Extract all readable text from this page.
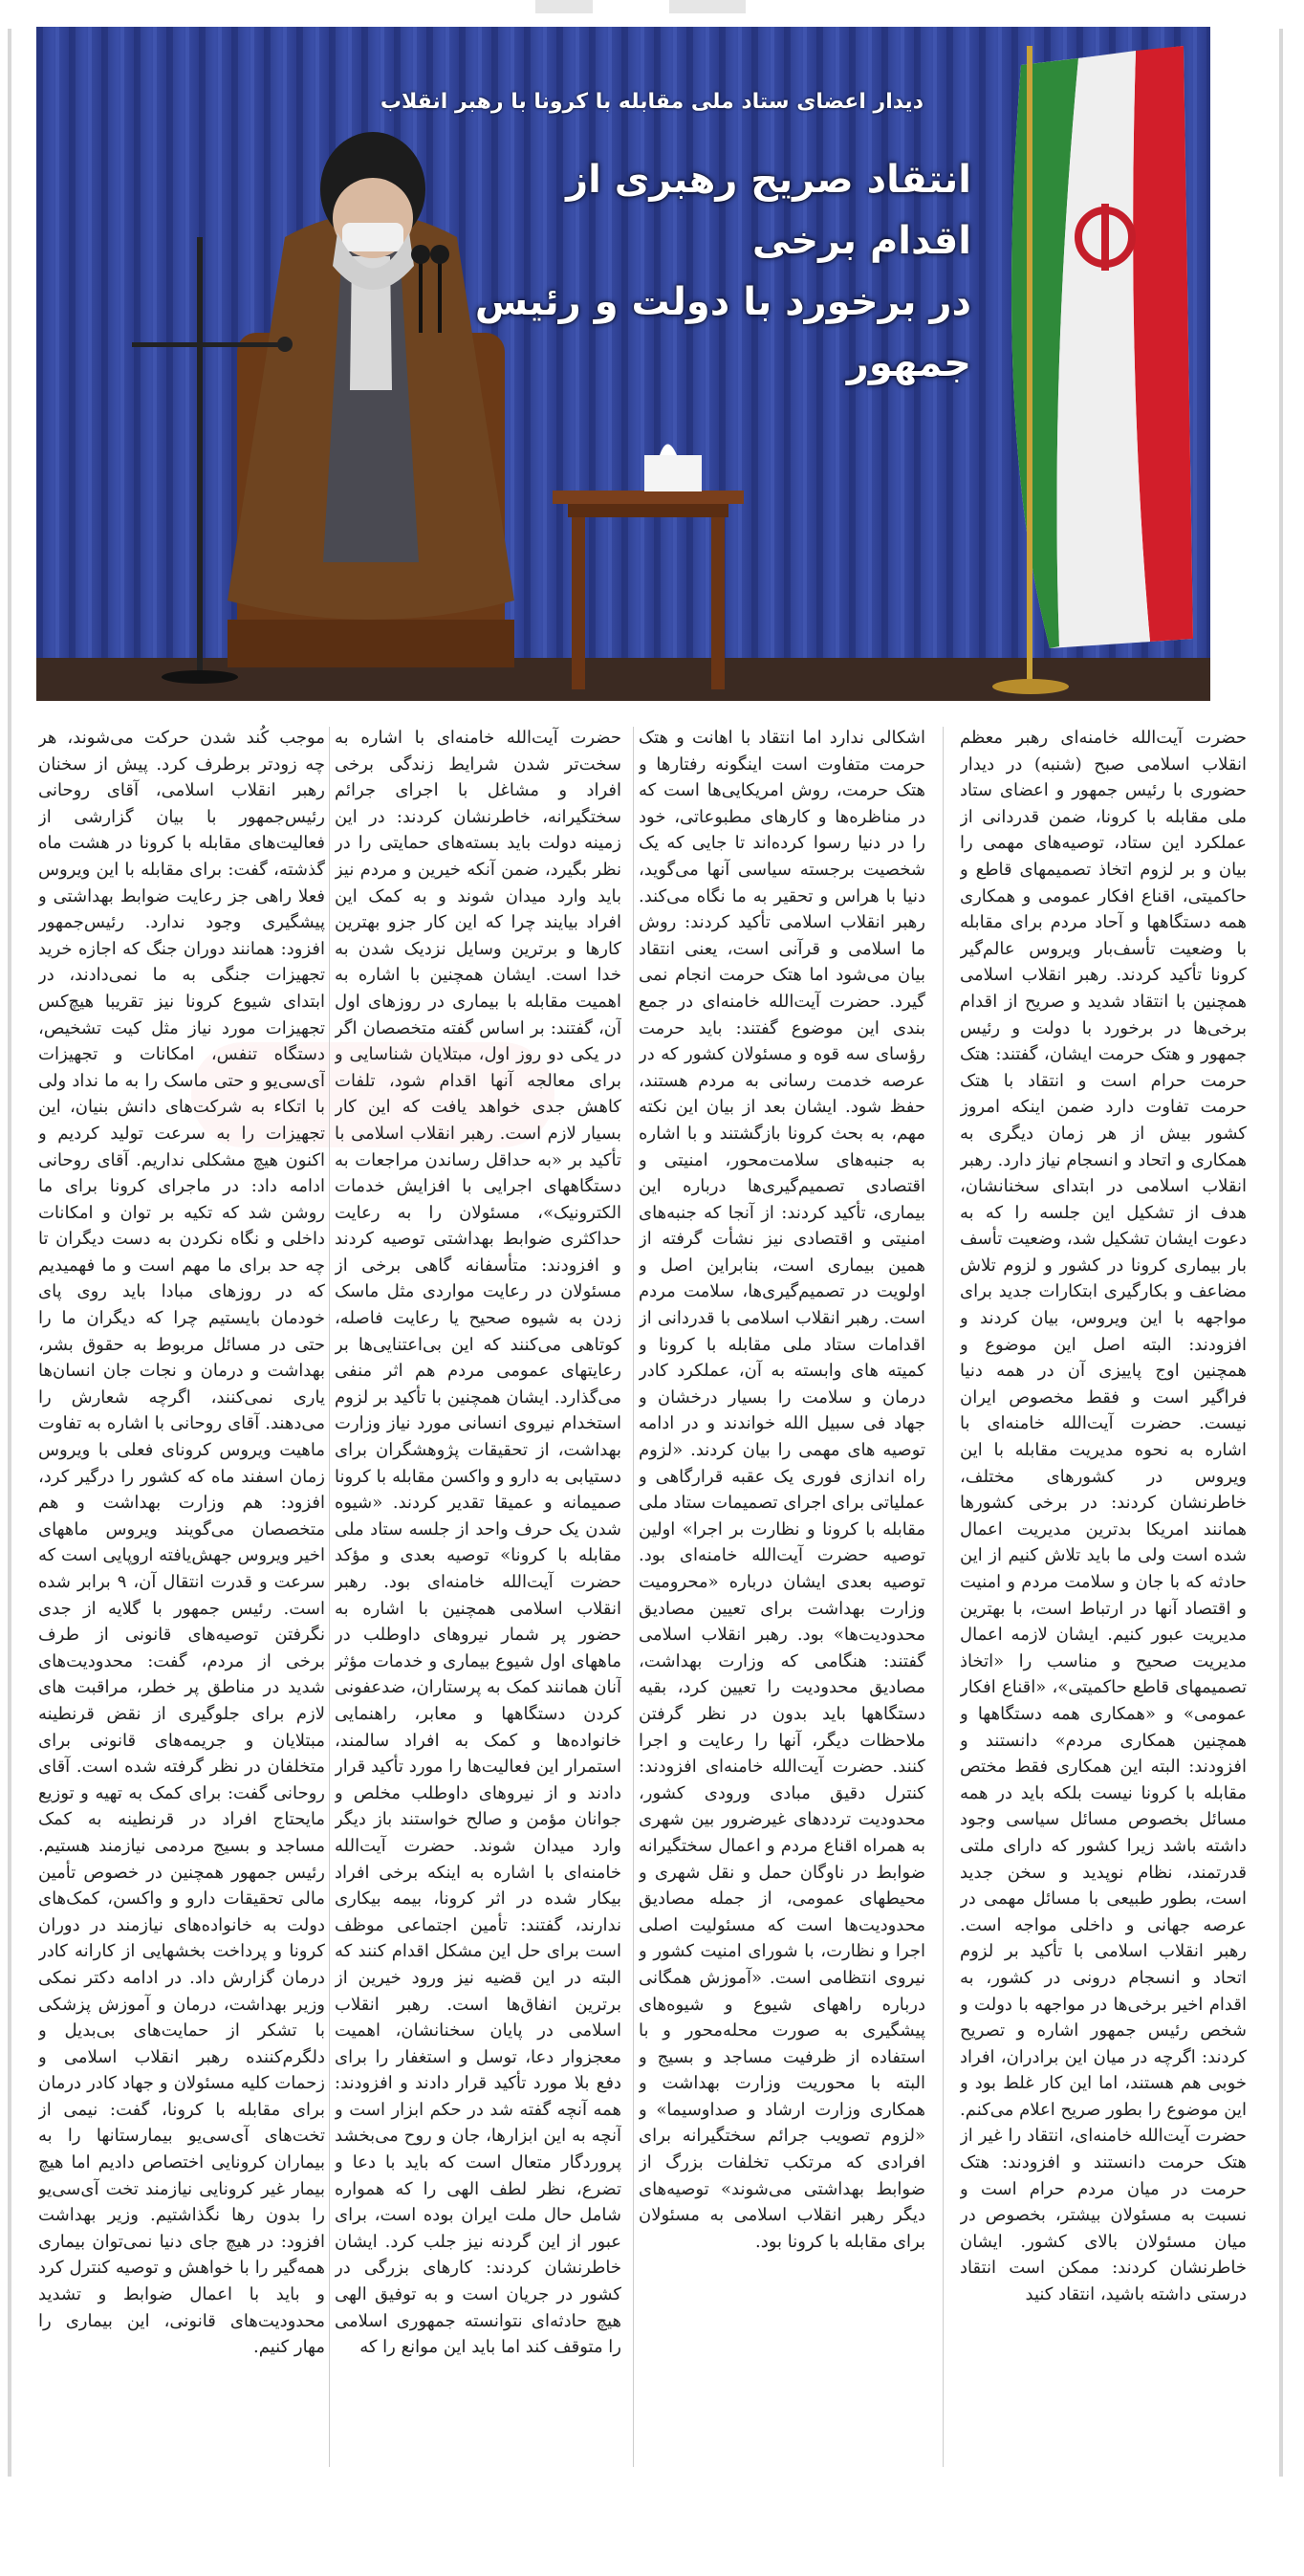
دیدار اعضای ستاد ملی مقابله با کرونا با رهبر انقلاب
انتقاد صریح رهبری از اقدام برخی
در برخورد با دولت و رئیس جمهور

حضرت آیت‌الله خامنه‌ای رهبر معظم انقلاب اسلامی صبح (شنبه) در دیدار حضوری با رئیس جمهور و اعضای ستاد ملی مقابله با کرونا، ضمن قدردانی از عملکرد این ستاد، توصیه‌های مهمی را بیان و بر لزوم اتخاذ تصمیمهای قاطع و حاکمیتی، اقناع افکار عمومی و همکاری همه دستگاهها و آحاد مردم برای مقابله با وضعیت تأسف‌بار ویروس عالم‌گیر کرونا تأکید کردند. رهبر انقلاب اسلامی همچنین با انتقاد شدید و صریح از اقدام برخی‌ها در برخورد با دولت و رئیس جمهور و هتک حرمت ایشان، گفتند: هتک حرمت حرام است و انتقاد با هتک حرمت تفاوت دارد ضمن اینکه امروز کشور بیش از هر زمان دیگری به همکاری و اتحاد و انسجام نیاز دارد. رهبر انقلاب اسلامی در ابتدای سخنانشان، هدف از تشکیل این جلسه را که به دعوت ایشان تشکیل شد، وضعیت تأسف بار بیماری کرونا در کشور و لزوم تلاش مضاعف و بکارگیری ابتکارات جدید برای مواجهه با این ویروس، بیان کردند و افزودند: البته اصل این موضوع و همچنین اوج پاییزی آن در همه دنیا فراگیر است و فقط مخصوص ایران نیست. حضرت آیت‌الله خامنه‌ای با اشاره به نحوه مدیریت مقابله با این ویروس در کشورهای مختلف، خاطرنشان کردند: در برخی کشورها همانند امریکا بدترین مدیریت اعمال شده است ولی ما باید تلاش کنیم از این حادثه که با جان و سلامت مردم و امنیت و اقتصاد آنها در ارتباط است، با بهترین مدیریت عبور کنیم. ایشان لازمه اعمال مدیریت صحیح و مناسب را «اتخاذ تصمیمهای قاطع حاکمیتی»، «اقناع افکار عمومی» و «همکاری همه دستگاهها و همچنین همکاری مردم» دانستند و افزودند: البته این همکاری فقط مختص مقابله با کرونا نیست بلکه باید در همه مسائل بخصوص مسائل سیاسی وجود داشته باشد زیرا کشور که دارای ملتی قدرتمند، نظام نوپدید و سخن جدید است، بطور طبیعی با مسائل مهمی در عرصه جهانی و داخلی مواجه است. رهبر انقلاب اسلامی با تأکید بر لزوم اتحاد و انسجام درونی در کشور، به اقدام اخیر برخی‌ها در مواجهه با دولت و شخص رئیس جمهور اشاره و تصریح کردند: اگرچه در میان این برادران، افراد خوبی هم هستند، اما این کار غلط بود و این موضوع را بطور صریح اعلام می‌کنم. حضرت آیت‌الله خامنه‌ای، انتقاد را غیر از هتک حرمت دانستند و افزودند: هتک حرمت در میان مردم حرام است و نسبت به مسئولان بیشتر، بخصوص در میان مسئولان بالای کشور. ایشان خاطرنشان کردند: ممکن است انتقاد درستی داشته باشید، انتقاد کنید

اشکالی ندارد اما انتقاد با اهانت و هتک حرمت متفاوت است اینگونه رفتارها و هتک حرمت، روش امریکایی‌ها است که در مناظره‌ها و کارهای مطبوعاتی، خود را در دنیا رسوا کرده‌اند تا جایی که یک شخصیت برجسته سیاسی آنها می‌گوید، دنیا با هراس و تحقیر به ما نگاه می‌کند. رهبر انقلاب اسلامی تأکید کردند: روش ما اسلامی و قرآنی است، یعنی انتقاد بیان می‌شود اما هتک حرمت انجام نمی گیرد. حضرت آیت‌الله خامنه‌ای در جمع بندی این موضوع گفتند: باید حرمت رؤسای سه قوه و مسئولان کشور که در عرصه خدمت رسانی به مردم هستند، حفظ شود. ایشان بعد از بیان این نکته مهم، به بحث کرونا بازگشتند و با اشاره به جنبه‌های سلامت‌محور، امنیتی و اقتصادی تصمیم‌گیری‌ها درباره این بیماری، تأکید کردند: از آنجا که جنبه‌های امنیتی و اقتصادی نیز نشأت گرفته از همین بیماری است، بنابراین اصل و اولویت در تصمیم‌گیری‌ها، سلامت مردم است. رهبر انقلاب اسلامی با قدردانی از اقدامات ستاد ملی مقابله با کرونا و کمیته های وابسته به آن، عملکرد کادر درمان و سلامت را بسیار درخشان و جهاد فی سبیل الله خواندند و در ادامه توصیه های مهمی را بیان کردند. «لزوم راه اندازی فوری یک عقبه قرارگاهی و عملیاتی برای اجرای تصمیمات ستاد ملی مقابله با کرونا و نظارت بر اجرا» اولین توصیه حضرت آیت‌الله خامنه‌ای بود. توصیه بعدی ایشان درباره «محرومیت وزارت بهداشت برای تعیین مصادیق محدودیت‌ها» بود. رهبر انقلاب اسلامی گفتند: هنگامی که وزارت بهداشت، مصادیق محدودیت را تعیین کرد، بقیه دستگاهها باید بدون در نظر گرفتن ملاحظات دیگر، آنها را رعایت و اجرا کنند. حضرت آیت‌الله خامنه‌ای افزودند: کنترل دقیق مبادی ورودی کشور، محدودیت ترددهای غیرضرور بین شهری به همراه اقناع مردم و اعمال سختگیرانه ضوابط در ناوگان حمل و نقل شهری و محیطهای عمومی، از جمله مصادیق محدودیت‌ها است که مسئولیت اصلی اجرا و نظارت، با شورای امنیت کشور و نیروی انتظامی است. «آموزش همگانی درباره راههای شیوع و شیوه‌های پیشگیری به صورت محله‌محور و با استفاده از ظرفیت مساجد و بسیج و البته با محوریت وزارت بهداشت و همکاری وزارت ارشاد و صداوسیما» و «لزوم تصویب جرائم سختگیرانه برای افرادی که مرتکب تخلفات بزرگ از ضوابط بهداشتی می‌شوند» توصیه‌های دیگر رهبر انقلاب اسلامی به مسئولان برای مقابله با کرونا بود.

حضرت آیت‌الله خامنه‌ای با اشاره به سخت‌تر شدن شرایط زندگی برخی افراد و مشاغل با اجرای جرائم سختگیرانه، خاطرنشان کردند: در این زمینه دولت باید بسته‌های حمایتی را در نظر بگیرد، ضمن آنکه خیرین و مردم نیز باید وارد میدان شوند و به کمک این افراد بیایند چرا که این کار جزو بهترین کارها و برترین وسایل نزدیک شدن به خدا است. ایشان همچنین با اشاره به اهمیت مقابله با بیماری در روزهای اول آن، گفتند: بر اساس گفته متخصصان اگر در یکی دو روز اول، مبتلایان شناسایی و برای معالجه آنها اقدام شود، تلفات کاهش جدی خواهد یافت که این کار بسیار لازم است. رهبر انقلاب اسلامی با تأکید بر «به حداقل رساندن مراجعات به دستگاههای اجرایی با افزایش خدمات الکترونیک»، مسئولان را به رعایت حداکثری ضوابط بهداشتی توصیه کردند و افزودند: متأسفانه گاهی برخی از مسئولان در رعایت مواردی مثل ماسک زدن به شیوه صحیح یا رعایت فاصله، کوتاهی می‌کنند که این بی‌اعتنایی‌ها بر رعایتهای عمومی مردم هم اثر منفی می‌گذارد. ایشان همچنین با تأکید بر لزوم استخدام نیروی انسانی مورد نیاز وزارت بهداشت، از تحقیقات پژوهشگران برای دستیابی به دارو و واکسن مقابله با کرونا صمیمانه و عمیقا تقدیر کردند. «شیوه شدن یک حرف واحد از جلسه ستاد ملی مقابله با کرونا» توصیه بعدی و مؤکد حضرت آیت‌الله خامنه‌ای بود. رهبر انقلاب اسلامی همچنین با اشاره به حضور پر شمار نیروهای داوطلب در ماههای اول شیوع بیماری و خدمات مؤثر آنان همانند کمک به پرستاران، ضدعفونی کردن دستگاهها و معابر، راهنمایی خانواده‌ها و کمک به افراد سالمند، استمرار این فعالیت‌ها را مورد تأکید قرار دادند و از نیروهای داوطلب مخلص و جوانان مؤمن و صالح خواستند باز دیگر وارد میدان شوند. حضرت آیت‌الله خامنه‌ای با اشاره به اینکه برخی افراد بیکار شده در اثر کرونا، بیمه بیکاری ندارند، گفتند: تأمین اجتماعی موظف است برای حل این مشکل اقدام کنند که البته در این قضیه نیز ورود خیرین از برترین انفاق‌ها است. رهبر انقلاب اسلامی در پایان سخنانشان، اهمیت معجزوار دعا، توسل و استغفار را برای دفع بلا مورد تأکید قرار دادند و افزودند: همه آنچه گفته شد در حکم ابزار است و آنچه به این ابزارها، جان و روح می‌بخشد پروردگار متعال است که باید با دعا و تضرع، نظر لطف الهی را که همواره شامل حال ملت ایران بوده است، برای عبور از این گردنه نیز جلب کرد. ایشان خاطرنشان کردند: کارهای بزرگی در کشور در جریان است و به توفیق الهی هیچ حادثه‌ای نتوانسته جمهوری اسلامی را متوقف کند اما باید این موانع را که

موجب کُند شدن حرکت می‌شوند، هر چه زودتر برطرف کرد. پیش از سخنان رهبر انقلاب اسلامی، آقای روحانی رئیس‌جمهور با بیان گزارشی از فعالیت‌های مقابله با کرونا در هشت ماه گذشته، گفت: برای مقابله با این ویروس فعلا راهی جز رعایت ضوابط بهداشتی و پیشگیری وجود ندارد. رئیس‌جمهور افزود: همانند دوران جنگ که اجازه خرید تجهیزات جنگی به ما نمی‌دادند، در ابتدای شیوع کرونا نیز تقریبا هیچ‌کس تجهیزات مورد نیاز مثل کیت تشخیص، دستگاه تنفس، امکانات و تجهیزات آی‌سی‌یو و حتی ماسک را به ما نداد ولی با اتکاء به شرکت‌های دانش بنیان، این تجهیزات را به سرعت تولید کردیم و اکنون هیچ مشکلی نداریم. آقای روحانی ادامه داد: در ماجرای کرونا برای ما روشن شد که تکیه بر توان و امکانات داخلی و نگاه نکردن به دست دیگران تا چه حد برای ما مهم است و ما فهمیدیم که در روزهای مبادا باید روی پای خودمان بایستیم چرا که دیگران ما را حتی در مسائل مربوط به حقوق بشر، بهداشت و درمان و نجات جان انسان‌ها یاری نمی‌کنند، اگرچه شعارش را می‌دهند. آقای روحانی با اشاره به تفاوت ماهیت ویروس کرونای فعلی با ویروس زمان اسفند ماه که کشور را درگیر کرد، افزود: هم وزارت بهداشت و هم متخصصان می‌گویند ویروس ماههای اخیر ویروس جهش‌یافته اروپایی است که سرعت و قدرت انتقال آن، ۹ برابر شده است. رئیس جمهور با گلایه از جدی نگرفتن توصیه‌های قانونی از طرف برخی از مردم، گفت: محدودیت‌های شدید در مناطق پر خطر، مراقبت های لازم برای جلوگیری از نقض قرنطینه مبتلایان و جریمه‌های قانونی برای متخلفان در نظر گرفته شده است. آقای روحانی گفت: برای کمک به تهیه و توزیع مایحتاج افراد در قرنطینه به کمک مساجد و بسیج مردمی نیازمند هستیم. رئیس جمهور همچنین در خصوص تأمین مالی تحقیقات دارو و واکسن، کمک‌های دولت به خانواده‌های نیازمند در دوران کرونا و پرداخت بخشهایی از کارانه کادر درمان گزارش داد. در ادامه دکتر نمکی وزیر بهداشت، درمان و آموزش پزشکی با تشکر از حمایت‌های بی‌بدیل و دلگرم‌کننده رهبر انقلاب اسلامی و زحمات کلیه مسئولان و جهاد کادر درمان برای مقابله با کرونا، گفت: نیمی از تخت‌های آی‌سی‌یو بیمارستانها را به بیماران کرونایی اختصاص دادیم اما هیچ بیمار غیر کرونایی نیازمند تخت آی‌سی‌یو را بدون رها نگذاشتیم. وزیر بهداشت افزود: در هیچ جای دنیا نمی‌توان بیماری همه‌گیر را با خواهش و توصیه کنترل کرد و باید با اعمال ضوابط و تشدید محدودیت‌های قانونی، این بیماری را مهار کنیم.
